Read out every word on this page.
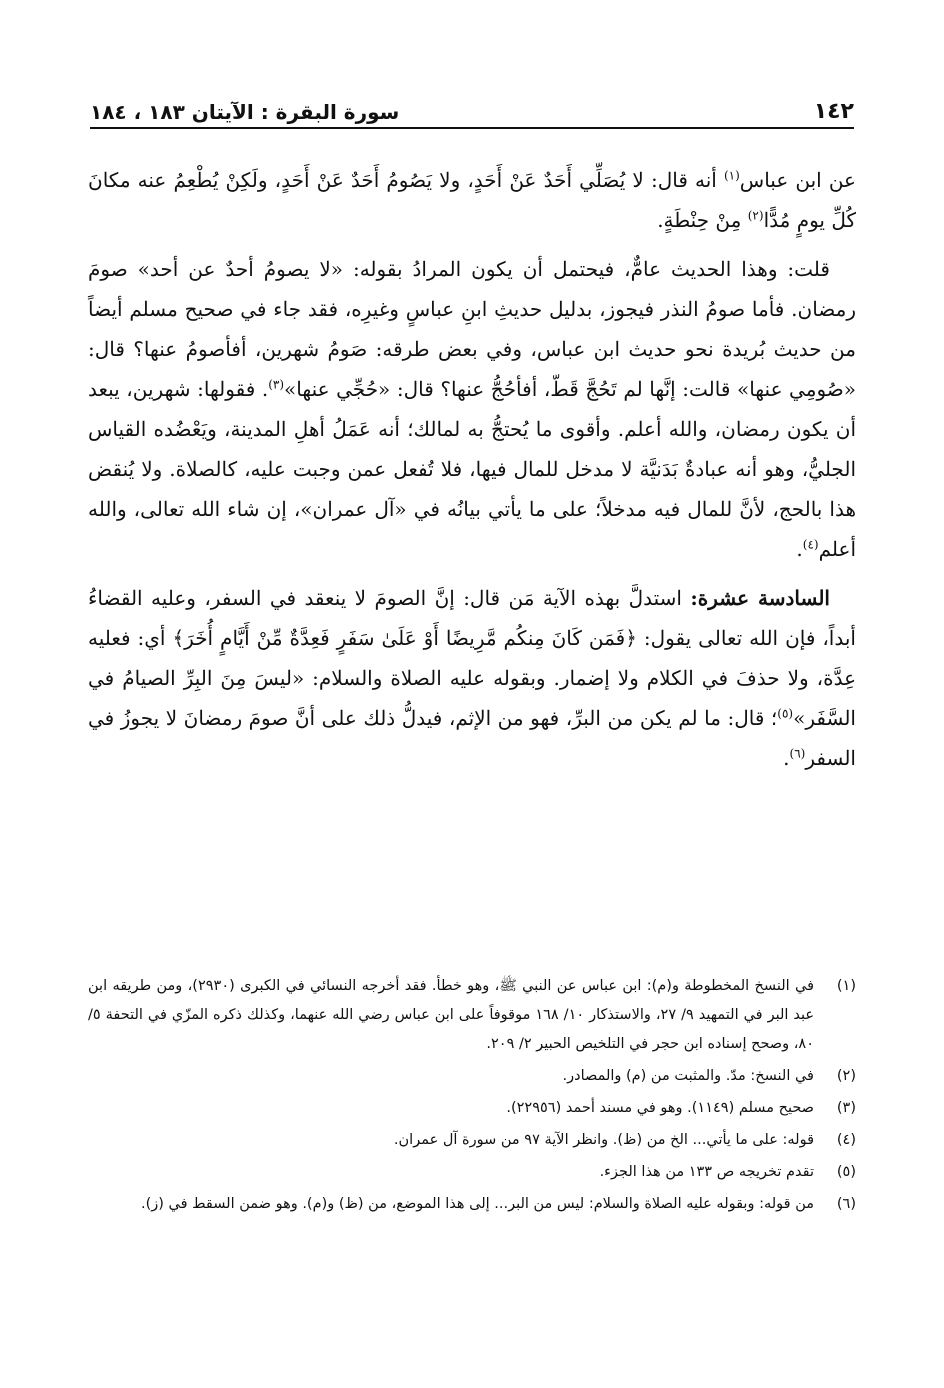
١٤٢
سورة البقرة : الآيتان ١٨٣ ، ١٨٤

عن ابن عباس$^{(١)}$ أنه قال: لا يُصَلِّي أَحَدٌ عَنْ أَحَدٍ، ولا يَصُومُ أَحَدٌ عَنْ أَحَدٍ، ولَكِنْ يُطْعِمُ عنه مكانَ كُلِّ يومٍ مُدًّا$^{(٢)}$ مِنْ حِنْطَةٍ.

قلت: وهذا الحديث عامٌّ، فيحتمل أن يكون المرادُ بقوله: «لا يصومُ أحدٌ عن أحد» صومَ رمضان. فأما صومُ النذر فيجوز، بدليل حديثِ ابنِ عباسٍ وغيرِه، فقد جاء في صحيح مسلم أيضاً من حديث بُريدة نحو حديث ابن عباس، وفي بعض طرقه: صَومُ شهرين، أفأصومُ عنها؟ قال: «صُومِي عنها» قالت: إنَّها لم تَحُجَّ قَطّ، أفأحُجُّ عنها؟ قال: «حُجِّي عنها»$^{(٣)}$. فقولها: شهرين، يبعد أن يكون رمضان، والله أعلم. وأقوى ما يُحتجُّ به لمالك؛ أنه عَمَلُ أهلِ المدينة، ويَعْضُده القياس الجليُّ، وهو أنه عبادةٌ بَدَنيَّة لا مدخل للمال فيها، فلا تُفعل عمن وجبت عليه، كالصلاة. ولا يُنقض هذا بالحج، لأنَّ للمال فيه مدخلاً؛ على ما يأتي بيانُه في «آل عمران»، إن شاء الله تعالى، والله أعلم$^{(٤)}$.

السادسة عشرة: استدلَّ بهذه الآية مَن قال: إنَّ الصومَ لا ينعقد في السفر، وعليه القضاءُ أبداً، فإن الله تعالى يقول: ﴿فَمَن كَانَ مِنكُم مَّرِيضًا أَوْ عَلَىٰ سَفَرٍ فَعِدَّةٌ مِّنْ أَيَّامٍ أُخَرَ﴾ أي: فعليه عِدَّة، ولا حذفَ في الكلام ولا إضمار. وبقوله عليه الصلاة والسلام: «ليسَ مِنَ البِرِّ الصيامُ في السَّفَر»$^{(٥)}$؛ قال: ما لم يكن من البرِّ، فهو من الإثم، فيدلُّ ذلك على أنَّ صومَ رمضانَ لا يجوزُ في السفر$^{(٦)}$.

(١)
في النسخ المخطوطة و(م): ابن عباس عن النبي ﷺ، وهو خطأ. فقد أخرجه النسائي في الكبرى (٢٩٣٠)، ومن طريقه ابن عبد البر في التمهيد ٩/ ٢٧، والاستذكار ١٠/ ١٦٨ موقوفاً على ابن عباس رضي الله عنهما، وكذلك ذكره المزّي في التحفة ٥/ ٨٠، وصحح إسناده ابن حجر في التلخيص الحبير ٢/ ٢٠٩.
(٢)
في النسخ: مدّ. والمثبت من (م) والمصادر.
(٣)
صحيح مسلم (١١٤٩). وهو في مسند أحمد (٢٢٩٥٦).
(٤)
قوله: على ما يأتي... الخ من (ظ). وانظر الآية ٩٧ من سورة آل عمران.
(٥)
تقدم تخريجه ص ١٣٣ من هذا الجزء.
(٦)
من قوله: وبقوله عليه الصلاة والسلام: ليس من البر... إلى هذا الموضع، من (ظ) و(م). وهو ضمن السقط في (ز).
